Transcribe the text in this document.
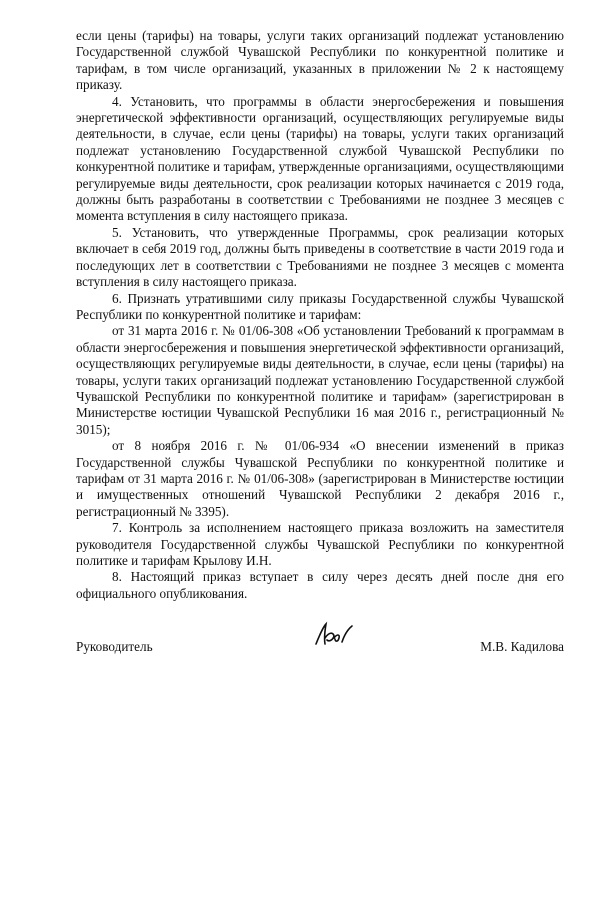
если цены (тарифы) на товары, услуги таких организаций подлежат установлению Государственной службой Чувашской Республики по конкурентной политике и тарифам, в том числе организаций, указанных в приложении № 2 к настоящему приказу.

4. Установить, что программы в области энергосбережения и повышения энергетической эффективности организаций, осуществляющих регулируемые виды деятельности, в случае, если цены (тарифы) на товары, услуги таких организаций подлежат установлению Государственной службой Чувашской Республики по конкурентной политике и тарифам, утвержденные организациями, осуществляющими регулируемые виды деятельности, срок реализации которых начинается с 2019 года, должны быть разработаны в соответствии с Требованиями не позднее 3 месяцев с момента вступления в силу настоящего приказа.

5. Установить, что утвержденные Программы, срок реализации которых включает в себя 2019 год, должны быть приведены в соответствие в части 2019 года и последующих лет в соответствии с Требованиями не позднее 3 месяцев с момента вступления в силу настоящего приказа.

6. Признать утратившими силу приказы Государственной службы Чувашской Республики по конкурентной политике и тарифам:

от 31 марта 2016 г. № 01/06-308 «Об установлении Требований к программам в области энергосбережения и повышения энергетической эффективности организаций, осуществляющих регулируемые виды деятельности, в случае, если цены (тарифы) на товары, услуги таких организаций подлежат установлению Государственной службой Чувашской Республики по конкурентной политике и тарифам» (зарегистрирован в Министерстве юстиции Чувашской Республики 16 мая 2016 г., регистрационный № 3015);

от 8 ноября 2016 г. № 01/06-934 «О внесении изменений в приказ Государственной службы Чувашской Республики по конкурентной политике и тарифам от 31 марта 2016 г. № 01/06-308» (зарегистрирован в Министерстве юстиции и имущественных отношений Чувашской Республики 2 декабря 2016 г., регистрационный № 3395).

7. Контроль за исполнением настоящего приказа возложить на заместителя руководителя Государственной службы Чувашской Республики по конкурентной политике и тарифам Крылову И.Н.

8. Настоящий приказ вступает в силу через десять дней после дня его официального опубликования.

Руководитель	М.В. Кадилова
